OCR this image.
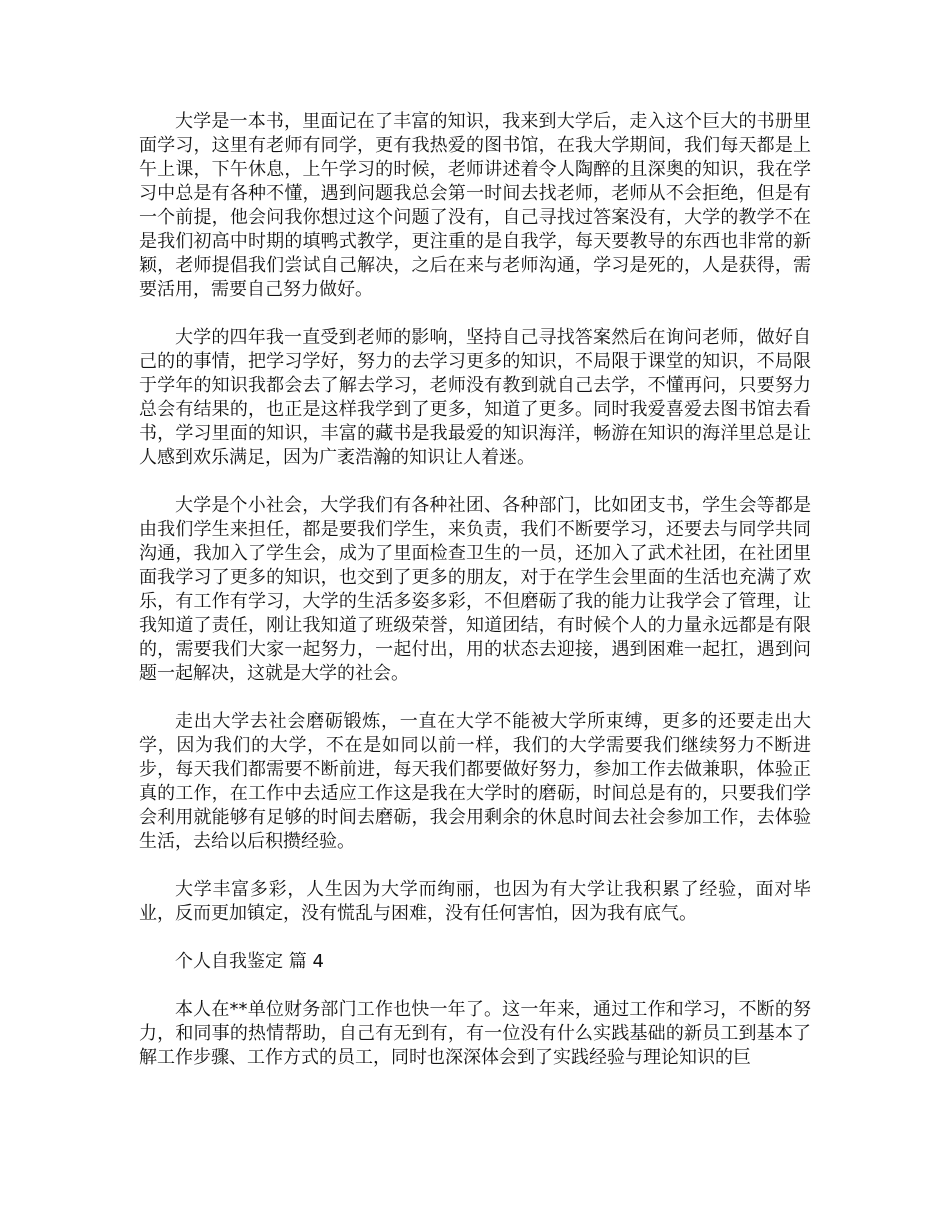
大学是一本书，里面记在了丰富的知识，我来到大学后，走入这个巨大的书册里面学习，这里有老师有同学，更有我热爱的图书馆，在我大学期间，我们每天都是上午上课，下午休息，上午学习的时候，老师讲述着令人陶醉的且深奥的知识，我在学习中总是有各种不懂，遇到问题我总会第一时间去找老师，老师从不会拒绝，但是有一个前提，他会问我你想过这个问题了没有，自己寻找过答案没有，大学的教学不在是我们初高中时期的填鸭式教学，更注重的是自我学，每天要教导的东西也非常的新颖，老师提倡我们尝试自己解决，之后在来与老师沟通，学习是死的，人是获得，需要活用，需要自己努力做好。

大学的四年我一直受到老师的影响，坚持自己寻找答案然后在询问老师，做好自己的的事情，把学习学好，努力的去学习更多的知识，不局限于课堂的知识，不局限于学年的知识我都会去了解去学习，老师没有教到就自己去学，不懂再问，只要努力总会有结果的，也正是这样我学到了更多，知道了更多。同时我爱喜爱去图书馆去看书，学习里面的知识，丰富的藏书是我最爱的知识海洋，畅游在知识的海洋里总是让人感到欢乐满足，因为广袤浩瀚的知识让人着迷。

大学是个小社会，大学我们有各种社团、各种部门，比如团支书，学生会等都是由我们学生来担任，都是要我们学生，来负责，我们不断要学习，还要去与同学共同沟通，我加入了学生会，成为了里面检查卫生的一员，还加入了武术社团，在社团里面我学习了更多的知识，也交到了更多的朋友，对于在学生会里面的生活也充满了欢乐，有工作有学习，大学的生活多姿多彩，不但磨砺了我的能力让我学会了管理，让我知道了责任，刚让我知道了班级荣誉，知道团结，有时候个人的力量永远都是有限的，需要我们大家一起努力，一起付出，用的状态去迎接，遇到困难一起扛，遇到问题一起解决，这就是大学的社会。

走出大学去社会磨砺锻炼，一直在大学不能被大学所束缚，更多的还要走出大学，因为我们的大学，不在是如同以前一样，我们的大学需要我们继续努力不断进步，每天我们都需要不断前进，每天我们都要做好努力，参加工作去做兼职，体验正真的工作，在工作中去适应工作这是我在大学时的磨砺，时间总是有的，只要我们学会利用就能够有足够的时间去磨砺，我会用剩余的休息时间去社会参加工作，去体验生活，去给以后积攒经验。

大学丰富多彩，人生因为大学而绚丽，也因为有大学让我积累了经验，面对毕业，反而更加镇定，没有慌乱与困难，没有任何害怕，因为我有底气。

个人自我鉴定 篇 4

本人在**单位财务部门工作也快一年了。这一年来，通过工作和学习，不断的努力，和同事的热情帮助，自己有无到有，有一位没有什么实践基础的新员工到基本了解工作步骤、工作方式的员工，同时也深深体会到了实践经验与理论知识的巨
